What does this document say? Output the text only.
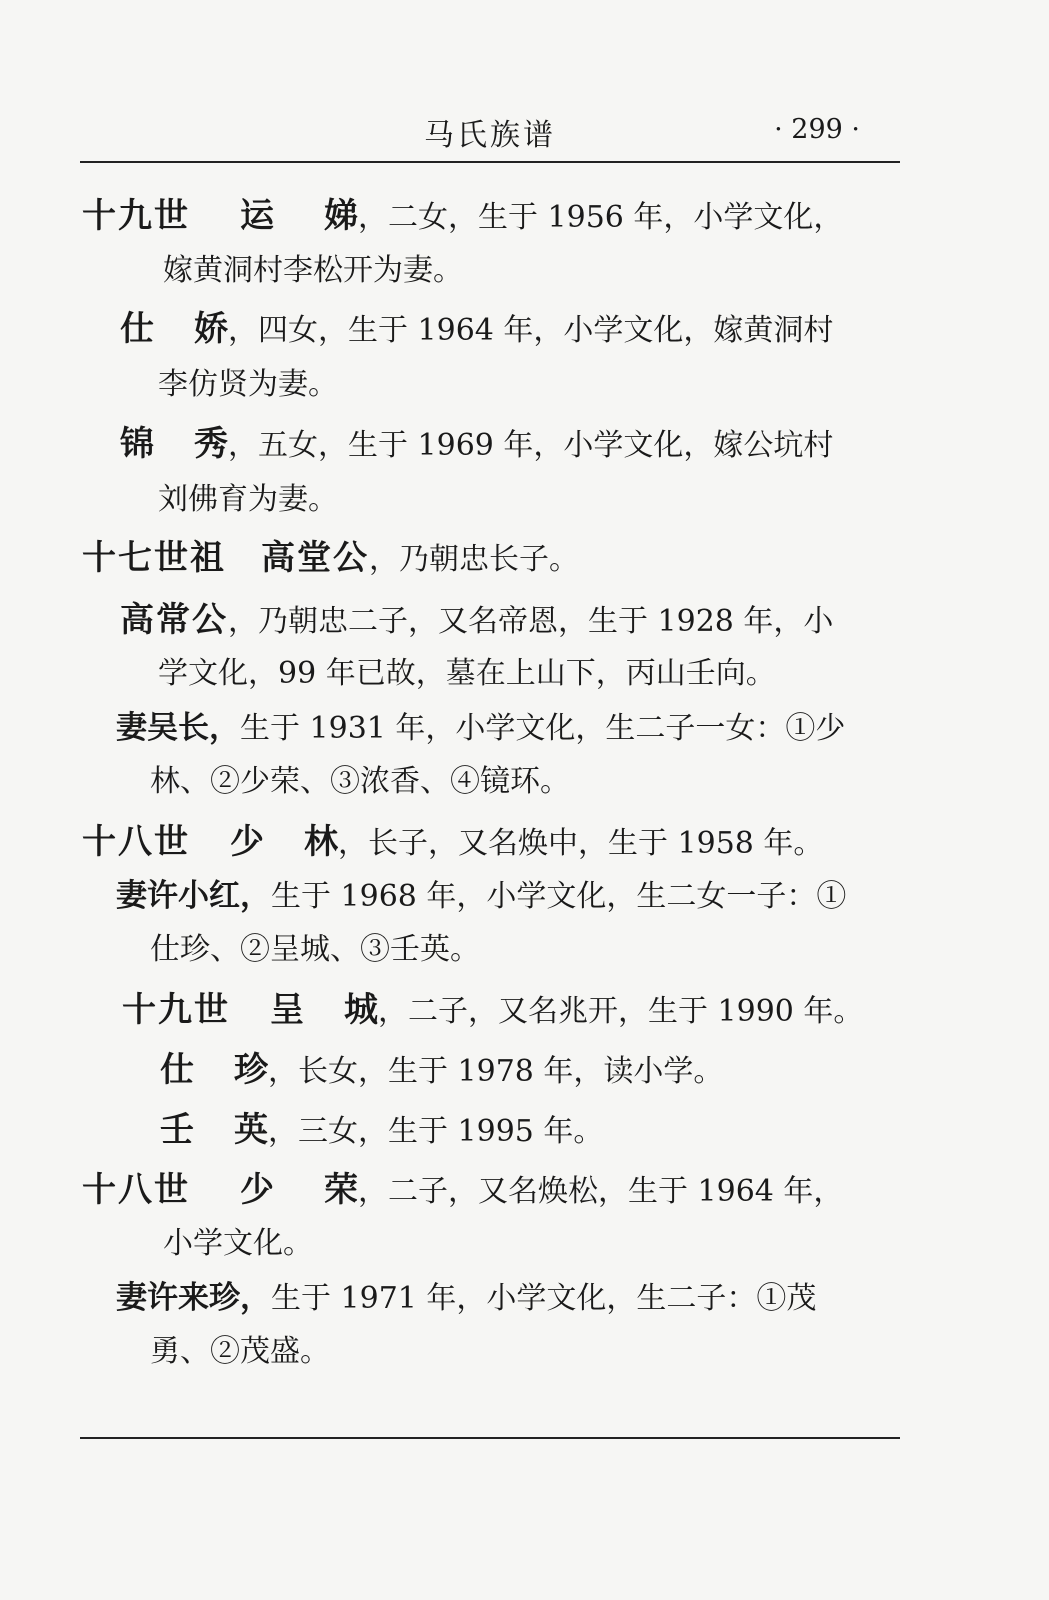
马氏族谱	· 299 ·
十九世 运 娣，二女，生于 1956 年，小学文化，
嫁黄洞村李松开为妻。
仕 娇，四女，生于 1964 年，小学文化，嫁黄洞村
李仿贤为妻。
锦 秀，五女，生于 1969 年，小学文化，嫁公坑村
刘佛育为妻。
十七世祖 高堂公，乃朝忠长子。
高常公，乃朝忠二子，又名帝恩，生于 1928 年，小
学文化，99 年已故，墓在上山下，丙山壬向。
妻吴长，生于 1931 年，小学文化，生二子一女：①少
林、②少荣、③浓香、④镜环。
十八世 少 林，长子，又名焕中，生于 1958 年。
妻许小红，生于 1968 年，小学文化，生二女一子：①
仕珍、②呈城、③壬英。
十九世 呈 城，二子，又名兆开，生于 1990 年。
仕 珍，长女，生于 1978 年，读小学。
壬 英，三女，生于 1995 年。
十八世 少 荣，二子，又名焕松，生于 1964 年，
小学文化。
妻许来珍，生于 1971 年，小学文化，生二子：①茂
勇、②茂盛。
